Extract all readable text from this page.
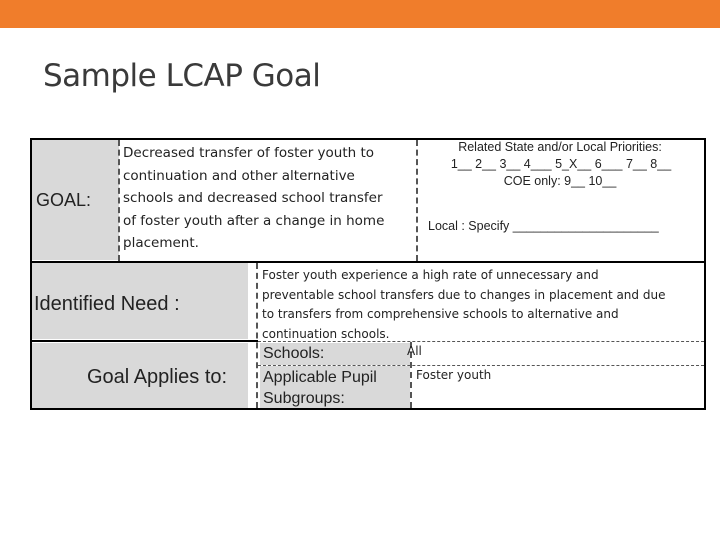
Sample LCAP Goal
GOAL:
Decreased transfer of foster youth to
continuation and other alternative
schools and decreased school transfer
of foster youth after a change in home
placement.
Related State and/or Local Priorities:
1__ 2__ 3__ 4___ 5_X__ 6___ 7__ 8__
COE only: 9__ 10__
Local : Specify _____________________
Identified Need :
Foster youth experience a high rate of unnecessary and
preventable school transfers due to changes in placement and due
to transfers from comprehensive schools to alternative and
continuation schools.
Goal Applies to:
Schools:	All
Applicable Pupil
Subgroups:
Foster youth
